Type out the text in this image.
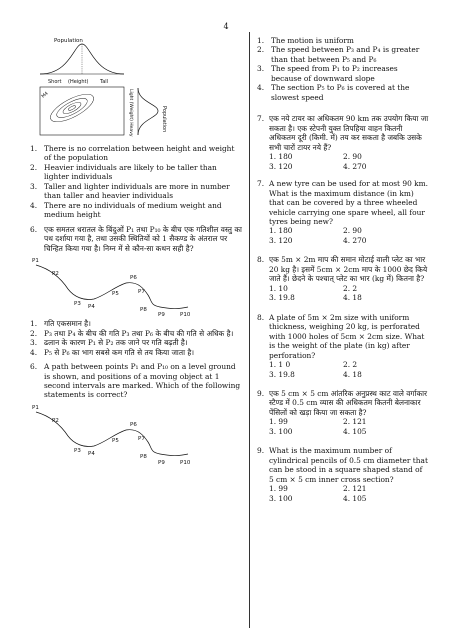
4
Population
Short (Height) Tall
M4	Light (Weight) Heavy	Population
1. There is no correlation between height and weight of the population
2. Heavier individuals are likely to be taller than lighter individuals
3. Taller and lighter individuals are more in number than taller and heavier individuals
4. There are no individuals of medium weight and medium height
6. एक समतल धरातल के बिंदुओं P₁ तथा P₁₀ के बीच एक गतिशील वस्तु का पथ दर्शाया गया है, तथा उसकी स्थितियों को 1 सैकण्ड के अंतराल पर चिन्हित किया गया है। निम्न में से कौन-सा कथन सही है?
P1
P2
P3 P4
P5
P6
P7
P8
P9	P10
1. गति एकसमान है।
2. P₃ तथा P₄ के बीच की गति P₃ तथा P₆ के बीच की गति से अधिक है।
3. ढलान के कारण P₁ से P₂ तक जाने पर गति बढ़ती है।
4. P₅ से P₆ का भाग सबसे कम गति से तय किया जाता है।
6. A path between points P₁ and P₁₀ on a level ground is shown, and positions of a moving object at 1 second intervals are marked. Which of the following statements is correct?
P1
P2
P3 P4
P5
P6
P7
P8
P9	P10
1. The motion is uniform
2. The speed between P₃ and P₄ is greater than that between P₅ and P₆
3. The speed from P₁ to P₂ increases because of downward slope
4. The section P₅ to P₆ is covered at the slowest speed
7. एक नये टायर का अधिकतम 90 km तक उपयोग किया जा सकता है। एक स्टेपनी युक्त तिपहिया वाहन कितनी अधिकतम दूरी (किमी. में) तय कर सकता है जबकि उसके सभी चारों टायर नये हैं?
1. 180	2. 90
3. 120	4. 270
7. A new tyre can be used for at most 90 km. What is the maximum distance (in km) that can be covered by a three wheeled vehicle carrying one spare wheel, all four tyres being new?
1. 180	2. 90
3. 120	4. 270
8. एक 5m × 2m माप की समान मोटाई वाली प्लेट का भार 20 kg है। इसमें 5cm × 2cm माप के 1000 छेद किये जाते हैं। छेदने के पश्चात् प्लेट का भार (kg में) कितना है?
1. 10	2. 2
3. 19.8	4. 18
8. A plate of 5m × 2m size with uniform thickness, weighing 20 kg, is perforated with 1000 holes of 5cm × 2cm size. What is the weight of the plate (in kg) after perforation?
1. 1 0	2. 2
3. 19.8	4. 18
9. एक 5 cm × 5 cm आंतरिक अनुप्रस्थ काट वाले वर्गाकार स्टैण्ड में 0.5 cm व्यास की अधिकतम कितनी बेलनाकार पेंसिलों को खड़ा किया जा सकता है?
1. 99	2. 121
3. 100	4. 105
9. What is the maximum number of cylindrical pencils of 0.5 cm diameter that can be stood in a square shaped stand of 5 cm × 5 cm inner cross section?
1. 99	2. 121
3. 100	4. 105
